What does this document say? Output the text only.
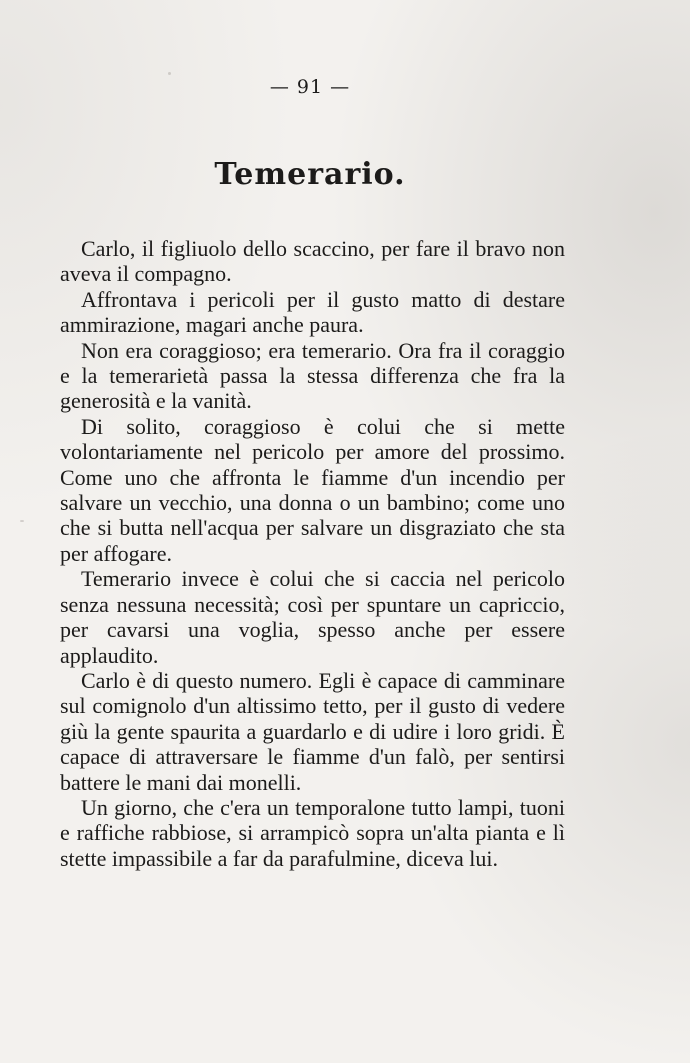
— 91 —
Temerario.

Carlo, il figliuolo dello scaccino, per fare il bravo non aveva il compagno.

Affrontava i pericoli per il gusto matto di destare ammirazione, magari anche paura.

Non era coraggioso; era temerario. Ora fra il coraggio e la temerarietà passa la stessa differenza che fra la generosità e la vanità.

Di solito, coraggioso è colui che si mette volontariamente nel pericolo per amore del prossimo. Come uno che affronta le fiamme d'un incendio per salvare un vecchio, una donna o un bambino; come uno che si butta nell'acqua per salvare un disgraziato che sta per affogare.

Temerario invece è colui che si caccia nel pericolo senza nessuna necessità; così per spuntare un capriccio, per cavarsi una voglia, spesso anche per essere applaudito.

Carlo è di questo numero. Egli è capace di camminare sul comignolo d'un altissimo tetto, per il gusto di vedere giù la gente spaurita a guardarlo e di udire i loro gridi. È capace di attraversare le fiamme d'un falò, per sentirsi battere le mani dai monelli.

Un giorno, che c'era un temporalone tutto lampi, tuoni e raffiche rabbiose, si arrampicò sopra un'alta pianta e lì stette impassibile a far da parafulmine, diceva lui.
